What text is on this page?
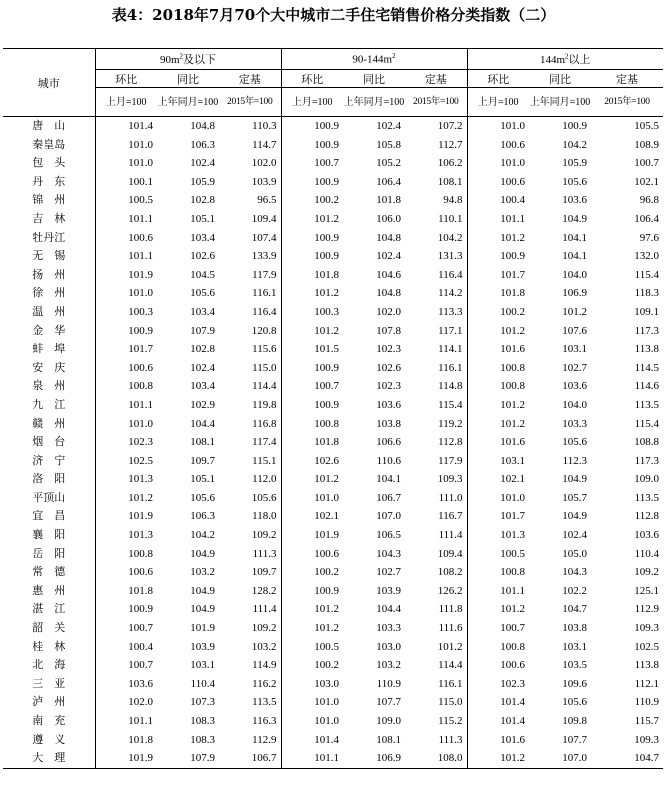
表4：2018年7月70个大中城市二手住宅销售价格分类指数（二）

城市	$90m^2$及以下			$90-144m^2$			$144m^2$以上		
	环比	同比	定基	环比	同比	定基	环比	同比	定基
	上月=100	上年同月=100	2015年=100	上月=100	上年同月=100	2015年=100	上月=100	上年同月=100	2015年=100
唐　山	101.4	104.8	110.3	100.9	102.4	107.2	101.0	100.9	105.5
秦皇岛	101.0	106.3	114.7	100.9	105.8	112.7	100.6	104.2	108.9
包　头	101.0	102.4	102.0	100.7	105.2	106.2	101.0	105.9	100.7
丹　东	100.1	105.9	103.9	100.9	106.4	108.1	100.6	105.6	102.1
锦　州	100.5	102.8	96.5	100.2	101.8	94.8	100.4	103.6	96.8
吉　林	101.1	105.1	109.4	101.2	106.0	110.1	101.1	104.9	106.4
牡丹江	100.6	103.4	107.4	100.9	104.8	104.2	101.2	104.1	97.6
无　锡	101.1	102.6	133.9	100.9	102.4	131.3	100.9	104.1	132.0
扬　州	101.9	104.5	117.9	101.8	104.6	116.4	101.7	104.0	115.4
徐　州	101.0	105.6	116.1	101.2	104.8	114.2	101.8	106.9	118.3
温　州	100.3	103.4	116.4	100.3	102.0	113.3	100.2	101.2	109.1
金　华	100.9	107.9	120.8	101.2	107.8	117.1	101.2	107.6	117.3
蚌　埠	101.7	102.8	115.6	101.5	102.3	114.1	101.6	103.1	113.8
安　庆	100.6	102.4	115.0	100.9	102.6	116.1	100.8	102.7	114.5
泉　州	100.8	103.4	114.4	100.7	102.3	114.8	100.8	103.6	114.6
九　江	101.1	102.9	119.8	100.9	103.6	115.4	101.2	104.0	113.5
赣　州	101.0	104.4	116.8	100.8	103.8	119.2	101.2	103.3	115.4
烟　台	102.3	108.1	117.4	101.8	106.6	112.8	101.6	105.6	108.8
济　宁	102.5	109.7	115.1	102.6	110.6	117.9	103.1	112.3	117.3
洛　阳	101.3	105.1	112.0	101.2	104.1	109.3	102.1	104.9	109.0
平顶山	101.2	105.6	105.6	101.0	106.7	111.0	101.0	105.7	113.5
宜　昌	101.9	106.3	118.0	102.1	107.0	116.7	101.7	104.9	112.8
襄　阳	101.3	104.2	109.2	101.9	106.5	111.4	101.3	102.4	103.6
岳　阳	100.8	104.9	111.3	100.6	104.3	109.4	100.5	105.0	110.4
常　德	100.6	103.2	109.7	100.2	102.7	108.2	100.8	104.3	109.2
惠　州	101.8	104.9	128.2	100.9	103.9	126.2	101.1	102.2	125.1
湛　江	100.9	104.9	111.4	101.2	104.4	111.8	101.2	104.7	112.9
韶　关	100.7	101.9	109.2	101.2	103.3	111.6	100.7	103.8	109.3
桂　林	100.4	103.9	103.2	100.5	103.0	101.2	100.8	103.1	102.5
北　海	100.7	103.1	114.9	100.2	103.2	114.4	100.6	103.5	113.8
三　亚	103.6	110.4	116.2	103.0	110.9	116.1	102.3	109.6	112.1
泸　州	102.0	107.3	113.5	101.0	107.7	115.0	101.4	105.6	110.9
南　充	101.1	108.3	116.3	101.0	109.0	115.2	101.4	109.8	115.7
遵　义	101.8	108.3	112.9	101.4	108.1	111.3	101.6	107.7	109.3
大　理	101.9	107.9	106.7	101.1	106.9	108.0	101.2	107.0	104.7
